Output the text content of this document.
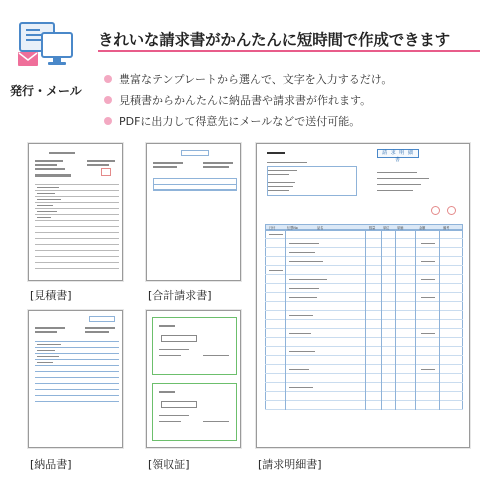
発行・メール
きれいな請求書がかんたんに短時間で作成できます
豊富なテンプレートから選んで、文字を入力するだけ。
見積書からかんたんに納品書や請求書が作れます。
PDFに出力して得意先にメールなどで送付可能。
[見積書]	[合計請求書]
[納品書]	[領収証]
請 求 明 細 書
日付	伝票No	品名	数量 単位 単価	金額	備考
[請求明細書]
